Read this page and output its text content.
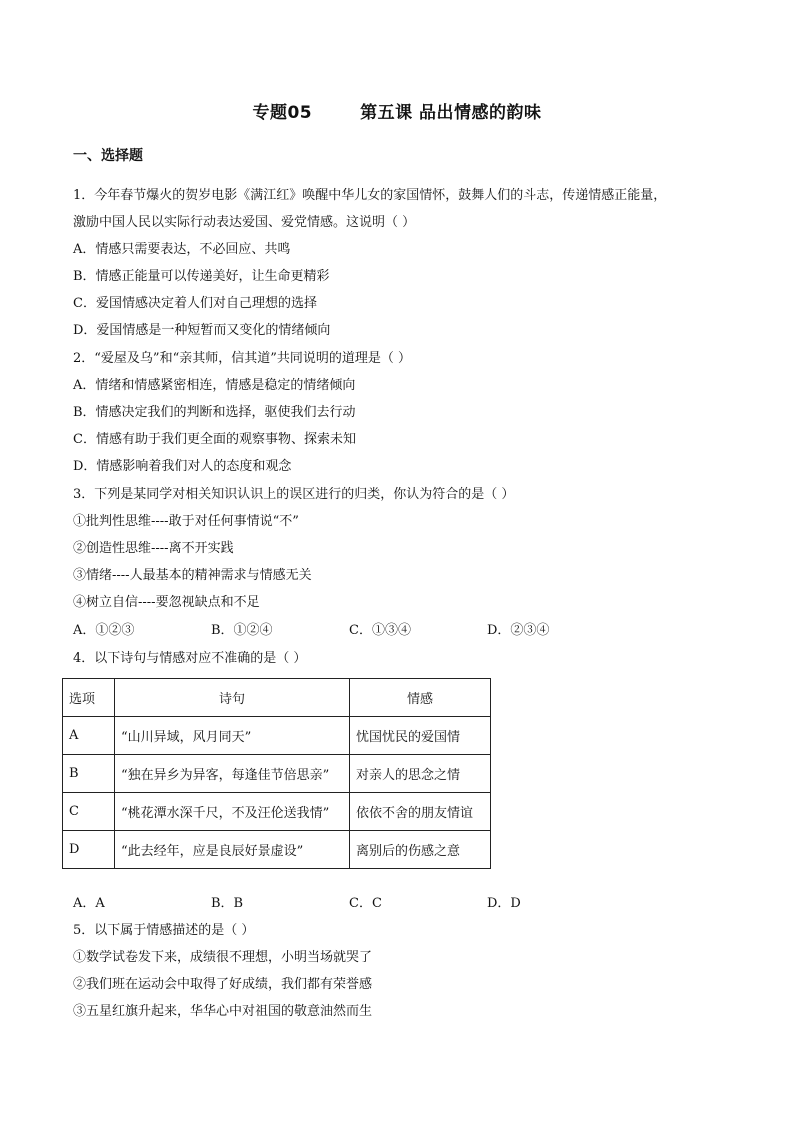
专题05	第五课 品出情感的韵味
一、选择题
1．今年春节爆火的贺岁电影《满江红》唤醒中华儿女的家国情怀，鼓舞人们的斗志，传递情感正能量，
激励中国人民以实际行动表达爱国、爱党情感。这说明（ ）
A．情感只需要表达，不必回应、共鸣
B．情感正能量可以传递美好，让生命更精彩
C．爱国情感决定着人们对自己理想的选择
D．爱国情感是一种短暂而又变化的情绪倾向
2．“爱屋及乌”和“亲其师，信其道”共同说明的道理是（ ）
A．情绪和情感紧密相连，情感是稳定的情绪倾向
B．情感决定我们的判断和选择，驱使我们去行动
C．情感有助于我们更全面的观察事物、探索未知
D．情感影响着我们对人的态度和观念
3．下列是某同学对相关知识认识上的误区进行的归类，你认为符合的是（ ）
①批判性思维----敢于对任何事情说“不”
②创造性思维----离不开实践
③情绪----人最基本的精神需求与情感无关
④树立自信----要忽视缺点和不足
A．①②③	B．①②④	C．①③④	D．②③④
4．以下诗句与情感对应不准确的是（ ）
选项	诗句	情感
A	“山川异域，风月同天”	忧国忧民的爱国情
B	“独在异乡为异客，每逢佳节倍思亲”	对亲人的思念之情
C	“桃花潭水深千尺，不及汪伦送我情”	依依不舍的朋友情谊
D	“此去经年，应是良辰好景虚设”	离别后的伤感之意
A．A	B．B	C．C	D．D
5．以下属于情感描述的是（ ）
①数学试卷发下来，成绩很不理想，小明当场就哭了
②我们班在运动会中取得了好成绩，我们都有荣誉感
③五星红旗升起来，华华心中对祖国的敬意油然而生
